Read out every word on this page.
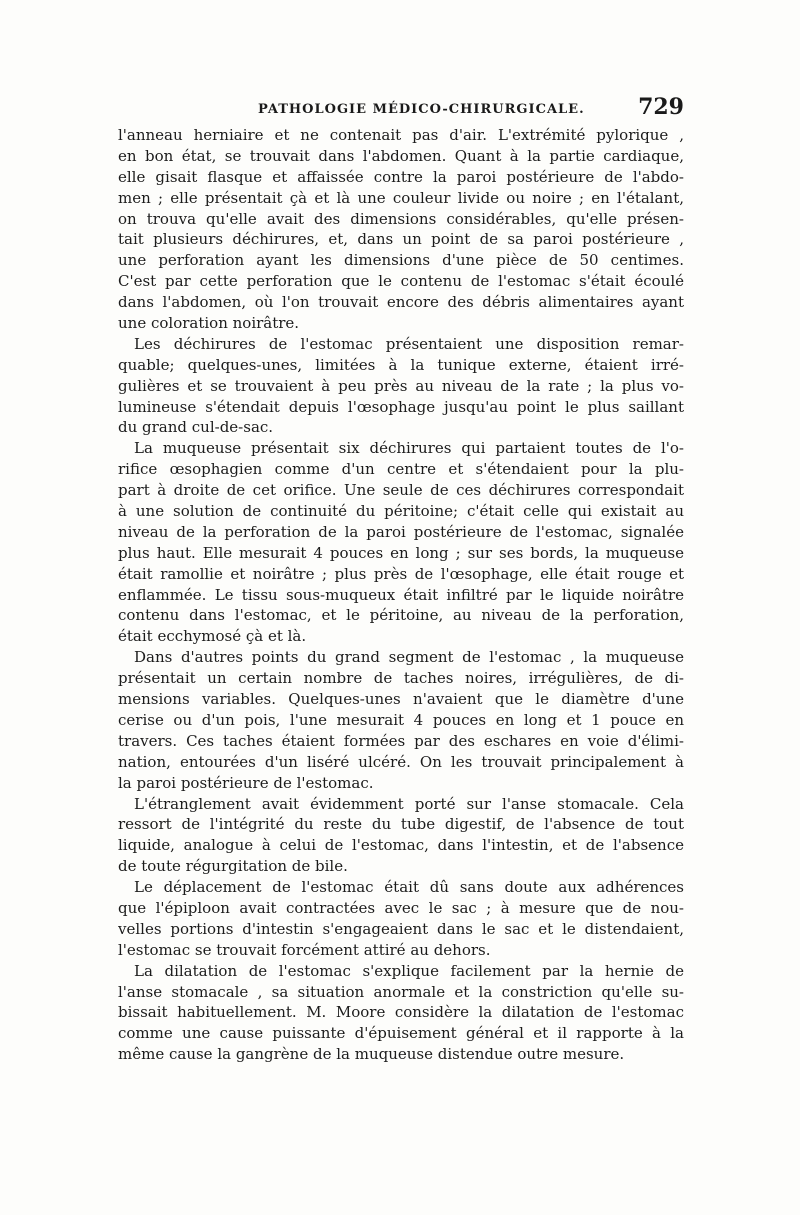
PATHOLOGIE MÉDICO-CHIRURGICALE. 729
l'anneau herniaire et ne contenait pas d'air. L'extrémité pylorique ,
en bon état, se trouvait dans l'abdomen. Quant à la partie cardiaque,
elle gisait flasque et affaissée contre la paroi postérieure de l'abdo-
men ; elle présentait çà et là une couleur livide ou noire ; en l'étalant,
on trouva qu'elle avait des dimensions considérables, qu'elle présen-
tait plusieurs déchirures, et, dans un point de sa paroi postérieure ,
une perforation ayant les dimensions d'une pièce de 50 centimes.
C'est par cette perforation que le contenu de l'estomac s'était écoulé
dans l'abdomen, où l'on trouvait encore des débris alimentaires ayant
une coloration noirâtre.
Les déchirures de l'estomac présentaient une disposition remar-
quable; quelques-unes, limitées à la tunique externe, étaient irré-
gulières et se trouvaient à peu près au niveau de la rate ; la plus vo-
lumineuse s'étendait depuis l'œsophage jusqu'au point le plus saillant
du grand cul-de-sac.
La muqueuse présentait six déchirures qui partaient toutes de l'o-
rifice œsophagien comme d'un centre et s'étendaient pour la plu-
part à droite de cet orifice. Une seule de ces déchirures correspondait
à une solution de continuité du péritoine; c'était celle qui existait au
niveau de la perforation de la paroi postérieure de l'estomac, signalée
plus haut. Elle mesurait 4 pouces en long ; sur ses bords, la muqueuse
était ramollie et noirâtre ; plus près de l'œsophage, elle était rouge et
enflammée. Le tissu sous-muqueux était infiltré par le liquide noirâtre
contenu dans l'estomac, et le péritoine, au niveau de la perforation,
était ecchymosé çà et là.
Dans d'autres points du grand segment de l'estomac , la muqueuse
présentait un certain nombre de taches noires, irrégulières, de di-
mensions variables. Quelques-unes n'avaient que le diamètre d'une
cerise ou d'un pois, l'une mesurait 4 pouces en long et 1 pouce en
travers. Ces taches étaient formées par des eschares en voie d'élimi-
nation, entourées d'un liséré ulcéré. On les trouvait principalement à
la paroi postérieure de l'estomac.
L'étranglement avait évidemment porté sur l'anse stomacale. Cela
ressort de l'intégrité du reste du tube digestif, de l'absence de tout
liquide, analogue à celui de l'estomac, dans l'intestin, et de l'absence
de toute régurgitation de bile.
Le déplacement de l'estomac était dû sans doute aux adhérences
que l'épiploon avait contractées avec le sac ; à mesure que de nou-
velles portions d'intestin s'engageaient dans le sac et le distendaient,
l'estomac se trouvait forcément attiré au dehors.
La dilatation de l'estomac s'explique facilement par la hernie de
l'anse stomacale , sa situation anormale et la constriction qu'elle su-
bissait habituellement. M. Moore considère la dilatation de l'estomac
comme une cause puissante d'épuisement général et il rapporte à la
même cause la gangrène de la muqueuse distendue outre mesure.
